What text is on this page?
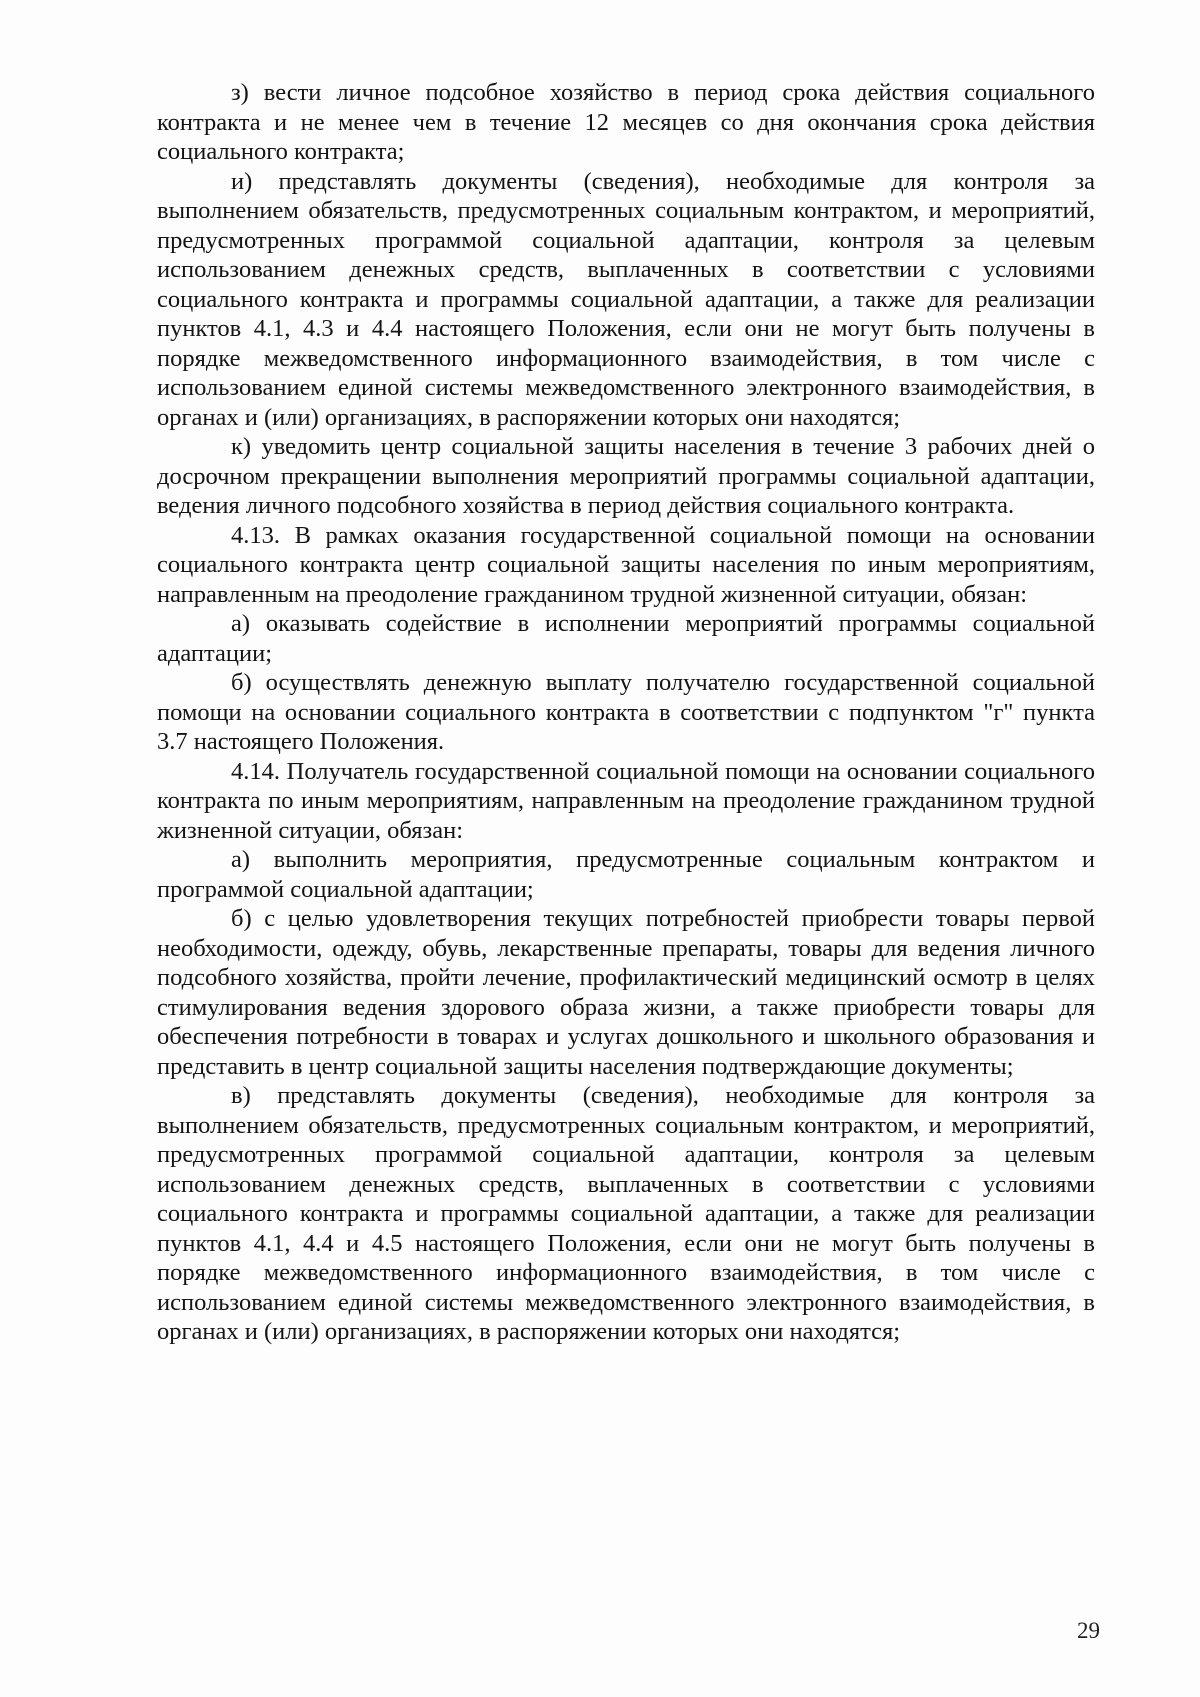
з) вести личное подсобное хозяйство в период срока действия социального контракта и не менее чем в течение 12 месяцев со дня окончания срока действия социального контракта;

и) представлять документы (сведения), необходимые для контроля за выполнением обязательств, предусмотренных социальным контрактом, и мероприятий, предусмотренных программой социальной адаптации, контроля за целевым использованием денежных средств, выплаченных в соответствии с условиями социального контракта и программы социальной адаптации, а также для реализации пунктов 4.1, 4.3 и 4.4 настоящего Положения, если они не могут быть получены в порядке межведомственного информационного взаимодействия, в том числе с использованием единой системы межведомственного электронного взаимодействия, в органах и (или) организациях, в распоряжении которых они находятся;

к) уведомить центр социальной защиты населения в течение 3 рабочих дней о досрочном прекращении выполнения мероприятий программы социальной адаптации, ведения личного подсобного хозяйства в период действия социального контракта.

4.13. В рамках оказания государственной социальной помощи на основании социального контракта центр социальной защиты населения по иным мероприятиям, направленным на преодоление гражданином трудной жизненной ситуации, обязан:

а) оказывать содействие в исполнении мероприятий программы социальной адаптации;

б) осуществлять денежную выплату получателю государственной социальной помощи на основании социального контракта в соответствии с подпунктом "г" пункта 3.7 настоящего Положения.

4.14. Получатель государственной социальной помощи на основании социального контракта по иным мероприятиям, направленным на преодоление гражданином трудной жизненной ситуации, обязан:

а) выполнить мероприятия, предусмотренные социальным контрактом и программой социальной адаптации;

б) с целью удовлетворения текущих потребностей приобрести товары первой необходимости, одежду, обувь, лекарственные препараты, товары для ведения личного подсобного хозяйства, пройти лечение, профилактический медицинский осмотр в целях стимулирования ведения здорового образа жизни, а также приобрести товары для обеспечения потребности в товарах и услугах дошкольного и школьного образования и представить в центр социальной защиты населения подтверждающие документы;

в) представлять документы (сведения), необходимые для контроля за выполнением обязательств, предусмотренных социальным контрактом, и мероприятий, предусмотренных программой социальной адаптации, контроля за целевым использованием денежных средств, выплаченных в соответствии с условиями социального контракта и программы социальной адаптации, а также для реализации пунктов 4.1, 4.4 и 4.5 настоящего Положения, если они не могут быть получены в порядке межведомственного информационного взаимодействия, в том числе с использованием единой системы межведомственного электронного взаимодействия, в органах и (или) организациях, в распоряжении которых они находятся;

29
